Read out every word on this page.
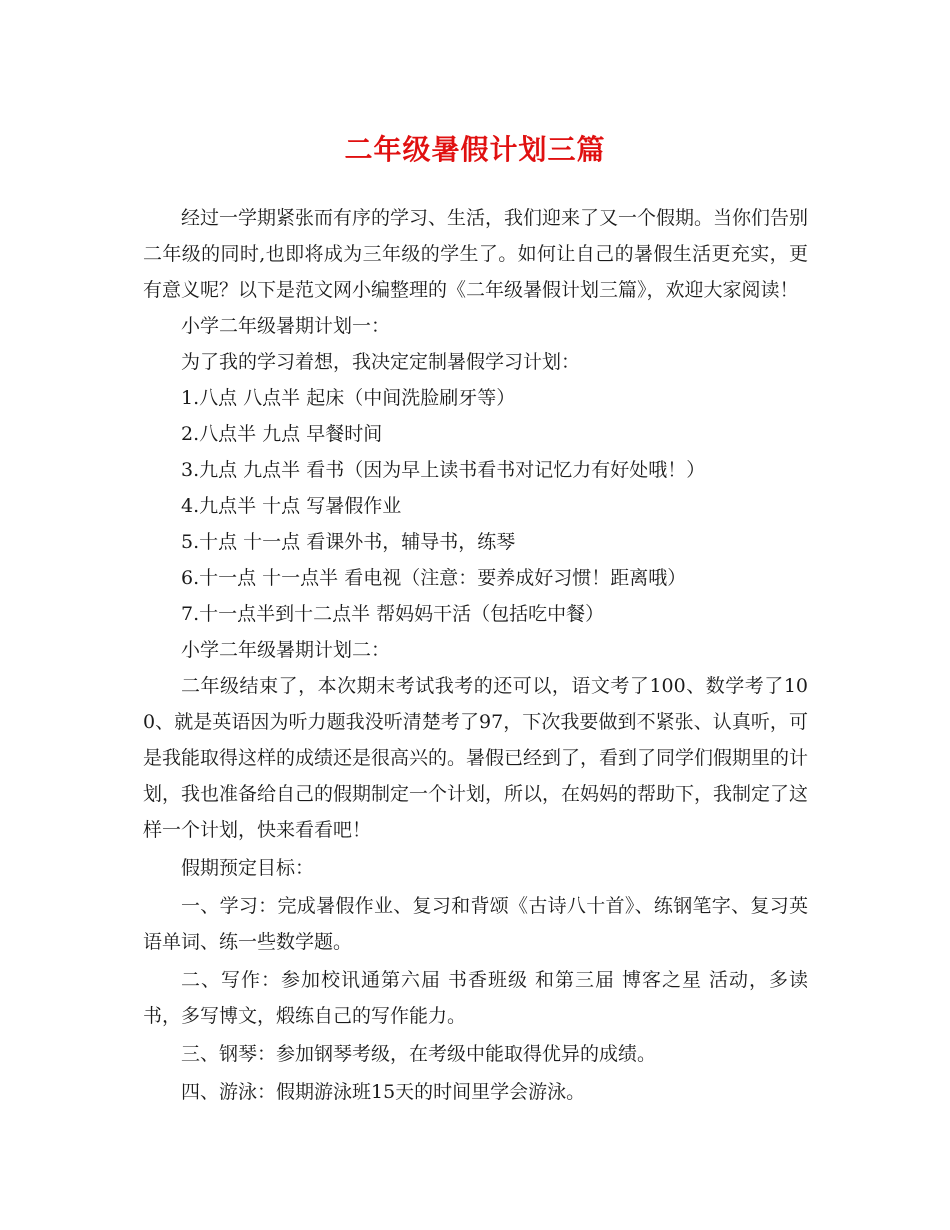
二年级暑假计划三篇

经过一学期紧张而有序的学习、生活，我们迎来了又一个假期。当你们告别二年级的同时,也即将成为三年级的学生了。如何让自己的暑假生活更充实，更有意义呢？以下是范文网小编整理的《二年级暑假计划三篇》，欢迎大家阅读！

小学二年级暑期计划一：

为了我的学习着想，我决定定制暑假学习计划：

1.八点 八点半 起床（中间洗脸刷牙等）

2.八点半 九点 早餐时间

3.九点 九点半 看书（因为早上读书看书对记忆力有好处哦！）

4.九点半 十点 写暑假作业

5.十点 十一点 看课外书，辅导书，练琴

6.十一点 十一点半 看电视（注意：要养成好习惯！距离哦）

7.十一点半到十二点半 帮妈妈干活（包括吃中餐）

小学二年级暑期计划二：

二年级结束了，本次期末考试我考的还可以，语文考了100、数学考了100、就是英语因为听力题我没听清楚考了97，下次我要做到不紧张、认真听，可是我能取得这样的成绩还是很高兴的。暑假已经到了，看到了同学们假期里的计划，我也准备给自己的假期制定一个计划，所以，在妈妈的帮助下，我制定了这样一个计划，快来看看吧！

假期预定目标：

一、学习：完成暑假作业、复习和背颂《古诗八十首》、练钢笔字、复习英语单词、练一些数学题。

二、写作：参加校讯通第六届 书香班级 和第三届 博客之星 活动，多读书，多写博文，煅练自己的写作能力。

三、钢琴：参加钢琴考级，在考级中能取得优异的成绩。

四、游泳：假期游泳班15天的时间里学会游泳。
